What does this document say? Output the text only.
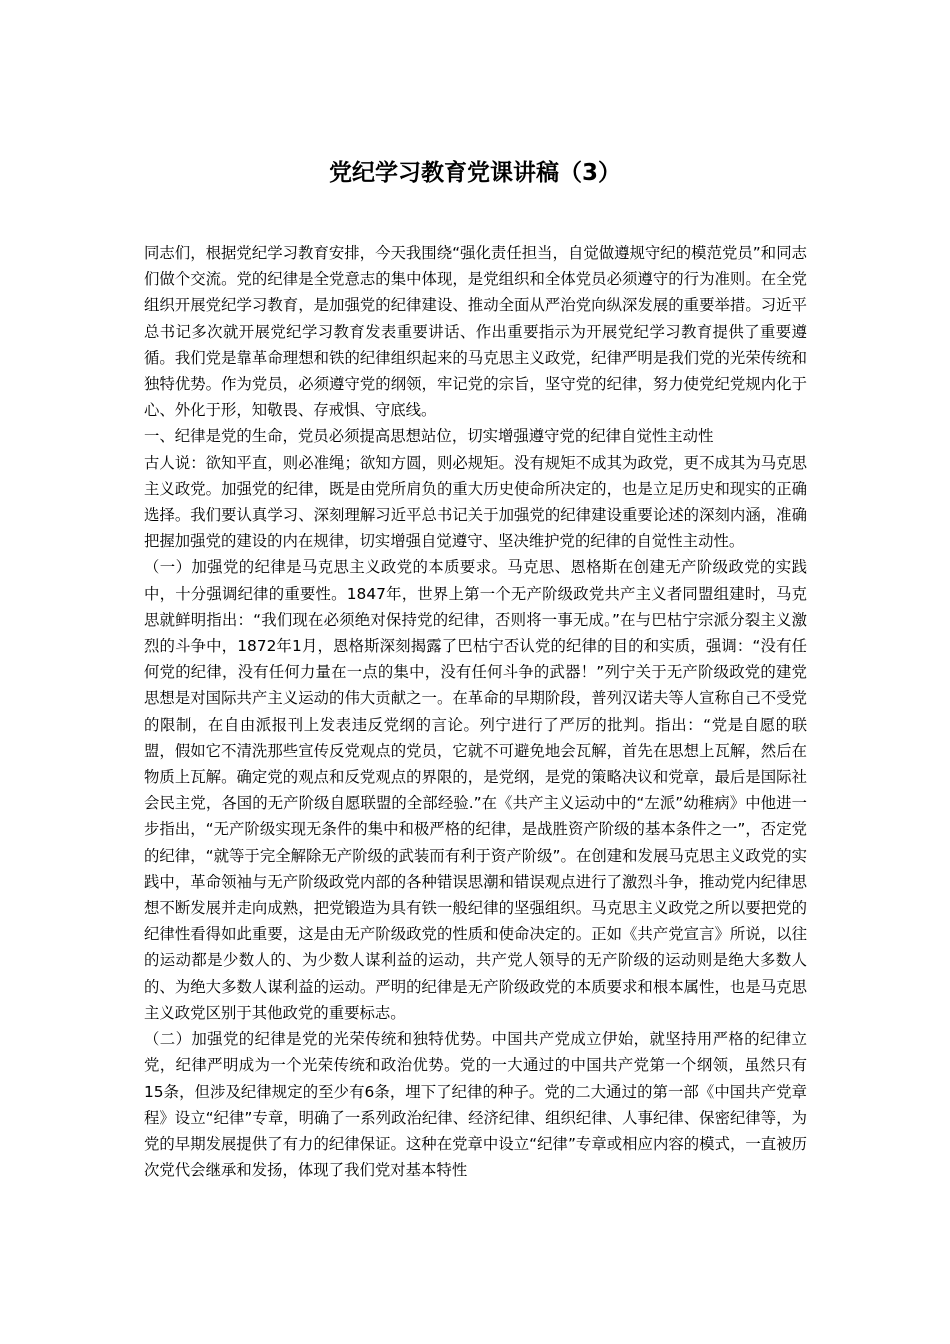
党纪学习教育党课讲稿（3）

同志们，根据党纪学习教育安排，今天我围绕“强化责任担当，自觉做遵规守纪的模范党员”和同志们做个交流。党的纪律是全党意志的集中体现，是党组织和全体党员必须遵守的行为准则。在全党组织开展党纪学习教育，是加强党的纪律建设、推动全面从严治党向纵深发展的重要举措。习近平总书记多次就开展党纪学习教育发表重要讲话、作出重要指示为开展党纪学习教育提供了重要遵循。我们党是靠革命理想和铁的纪律组织起来的马克思主义政党，纪律严明是我们党的光荣传统和独特优势。作为党员，必须遵守党的纲领，牢记党的宗旨，坚守党的纪律，努力使党纪党规内化于心、外化于形，知敬畏、存戒惧、守底线。

一、纪律是党的生命，党员必须提高思想站位，切实增强遵守党的纪律自觉性主动性

古人说：欲知平直，则必准绳；欲知方圆，则必规矩。没有规矩不成其为政党，更不成其为马克思主义政党。加强党的纪律，既是由党所肩负的重大历史使命所决定的，也是立足历史和现实的正确选择。我们要认真学习、深刻理解习近平总书记关于加强党的纪律建设重要论述的深刻内涵，准确把握加强党的建设的内在规律，切实增强自觉遵守、坚决维护党的纪律的自觉性主动性。

（一）加强党的纪律是马克思主义政党的本质要求。马克思、恩格斯在创建无产阶级政党的实践中，十分强调纪律的重要性。1847年，世界上第一个无产阶级政党共产主义者同盟组建时，马克思就鲜明指出：“我们现在必须绝对保持党的纪律，否则将一事无成。”在与巴枯宁宗派分裂主义激烈的斗争中，1872年1月，恩格斯深刻揭露了巴枯宁否认党的纪律的目的和实质，强调：“没有任何党的纪律，没有任何力量在一点的集中，没有任何斗争的武器！”列宁关于无产阶级政党的建党思想是对国际共产主义运动的伟大贡献之一。在革命的早期阶段，普列汉诺夫等人宣称自己不受党的限制，在自由派报刊上发表违反党纲的言论。列宁进行了严厉的批判。指出：“党是自愿的联盟，假如它不清洗那些宣传反党观点的党员，它就不可避免地会瓦解，首先在思想上瓦解，然后在物质上瓦解。确定党的观点和反党观点的界限的，是党纲，是党的策略决议和党章，最后是国际社会民主党，各国的无产阶级自愿联盟的全部经验.”在《共产主义运动中的“左派”幼稚病》中他进一步指出，“无产阶级实现无条件的集中和极严格的纪律，是战胜资产阶级的基本条件之一”，否定党的纪律，“就等于完全解除无产阶级的武装而有利于资产阶级”。在创建和发展马克思主义政党的实践中，革命领袖与无产阶级政党内部的各种错误思潮和错误观点进行了激烈斗争，推动党内纪律思想不断发展并走向成熟，把党锻造为具有铁一般纪律的坚强组织。马克思主义政党之所以要把党的纪律性看得如此重要，这是由无产阶级政党的性质和使命决定的。正如《共产党宣言》所说，以往的运动都是少数人的、为少数人谋利益的运动，共产党人领导的无产阶级的运动则是绝大多数人的、为绝大多数人谋利益的运动。严明的纪律是无产阶级政党的本质要求和根本属性，也是马克思主义政党区别于其他政党的重要标志。

（二）加强党的纪律是党的光荣传统和独特优势。中国共产党成立伊始，就坚持用严格的纪律立党，纪律严明成为一个光荣传统和政治优势。党的一大通过的中国共产党第一个纲领，虽然只有15条，但涉及纪律规定的至少有6条，埋下了纪律的种子。党的二大通过的第一部《中国共产党章程》设立“纪律”专章，明确了一系列政治纪律、经济纪律、组织纪律、人事纪律、保密纪律等，为党的早期发展提供了有力的纪律保证。这种在党章中设立“纪律”专章或相应内容的模式，一直被历次党代会继承和发扬，体现了我们党对基本特性
